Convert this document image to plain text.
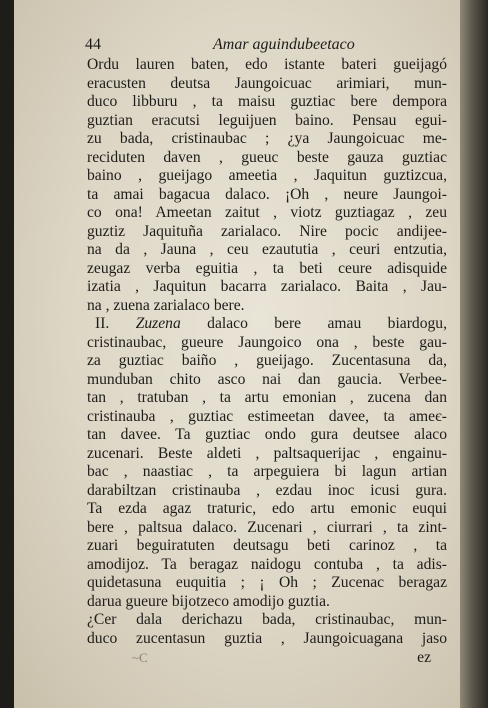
44	Amar aguindubeetaco
Ordu lauren baten, edo istante bateri gueijagó
eracusten deutsa Jaungoicuac arimiari, mun-
duco libburu , ta maisu guztiac bere dempora
guztian eracutsi leguijuen baino. Pensau egui-
zu bada, cristinaubac ; ¿ya Jaungoicuac me-
reciduten daven , gueuc beste gauza guztiac
baino , gueijago ameetia , Jaquitun guztizcua,
ta amai bagacua dalaco. ¡Oh , neure Jaungoi-
co ona! Ameetan zaitut , viotz guztiagaz , zeu
guztiz Jaquituña zarialaco. Nire pocic andijee-
na da , Jauna , ceu ezaututia , ceuri entzutia,
zeugaz verba eguitia , ta beti ceure adisquide
izatia , Jaquitun bacarra zarialaco. Baita , Jau-
na , zuena zarialaco bere.
II. Zuzena dalaco bere amau biardogu,
cristinaubac, gueure Jaungoico ona , beste gau-
za guztiac baiño , gueijago. Zucentasuna da,
munduban chito asco nai dan gaucia. Verbee-
tan , tratuban , ta artu emonian , zucena dan
cristinauba , guztiac estimeetan davee, ta ameє-
tan davee. Ta guztiac ondo gura deutsee alaco
zucenari. Beste aldeti , paltsaquerijac , engainu-
bac , naastiac , ta arpeguiera bi lagun artian
darabiltzan cristinauba , ezdau inoc icusi gura.
Ta ezda agaz traturic, edo artu emonic euqui
bere , paltsua dalaco. Zucenari , ciurrari , ta zint-
zuari beguiratuten deutsagu beti carinoz , ta
amodijoz. Ta beragaz naidogu contuba , ta adis-
quidetasuna euquitia ; ¡ Oh ; Zucenac beragaz
darua gueure bijotzeco amodijo guztia.
¿Cer dala derichazu bada, cristinaubac, mun-
duco zucentasun guztia , Jaungoicuagana jaso
~C	ez
